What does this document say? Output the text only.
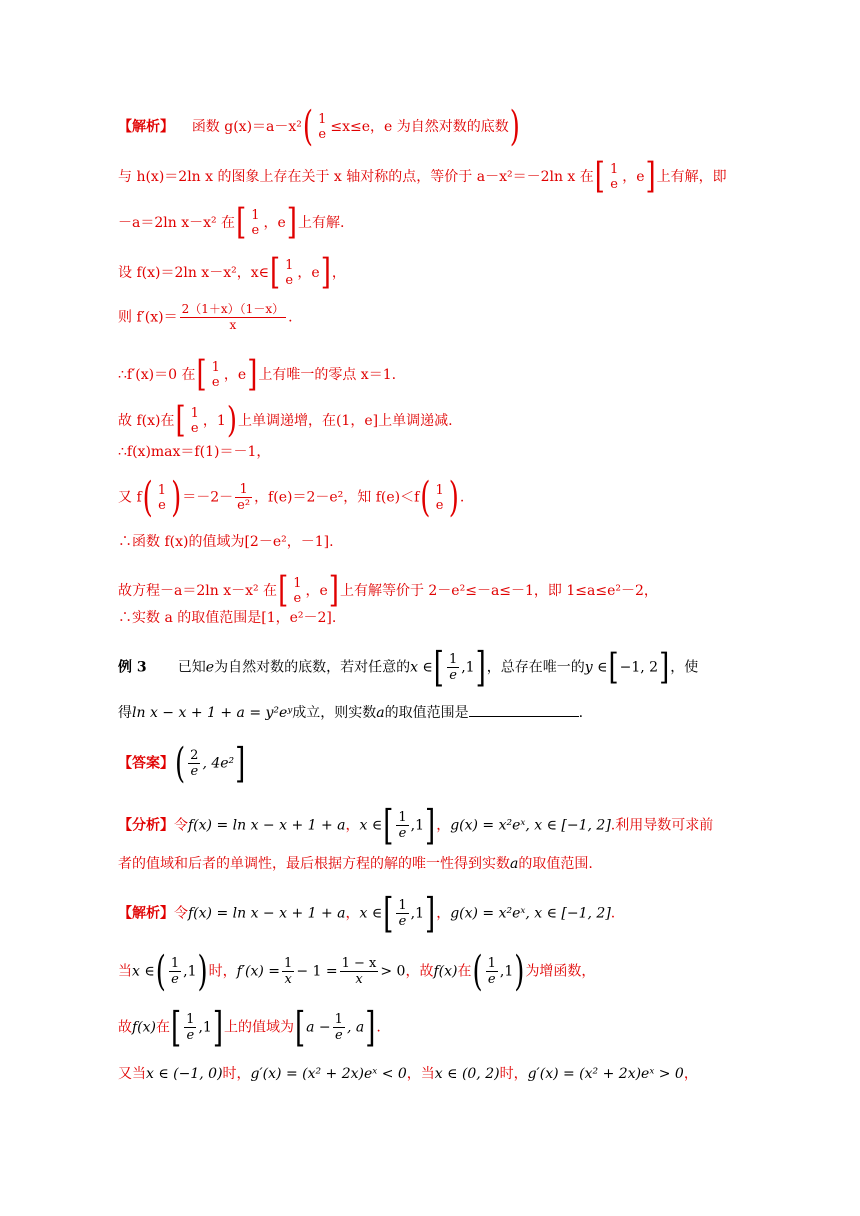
【解析】 函数 g(x)＝a－x²( 1
e ≤x≤e，e 为自然对数的底数)
与 h(x)＝2ln x 的图象上存在关于 x 轴对称的点，等价于 a－x²＝－2ln x 在[ 1
e ，e]上有解，即
－a＝2ln x－x² 在[ 1
e ，e]上有解.
设 f(x)＝2ln x－x²，x∈[ 1
e ，e]，
则 $f'(x)= \frac{2(1+x)(1-x)}{x}$ .
∴f′(x)＝0 在[ 1
e ，e]上有唯一的零点 x＝1.
故 f(x)在[ 1
e ，1)上单调递增，在(1，e]上单调递减.
∴f(x)max＝f(1)＝－1，
又 f( 1
e )$=-2- \frac{1}{\text{e²}}$ ，f(e)＝2－e²，知 f(e)＜f( 1
e ).
∴函数 f(x)的值域为[2－e²，－1].
故方程－a＝2ln x－x² 在[ 1
e ，e]上有解等价于 2－e²≤－a≤－1，即 1≤a≤e²－2，
∴实数 a 的取值范围是[1，e²－2].
例 3 已知e为自然对数的底数，若对任意的x ∈[ $\frac{1}{e} ,1$]，总存在唯一的y ∈[−1, 2]，使
得ln x − x + 1 + a = y²eʸ成立，则实数a的取值范围是	.
【答案】( $\frac{2}{e}$ , 4e²]
【分析】令f(x) = ln x − x + 1 + a，x ∈[ $\frac{1}{e} ,1$]，g(x) = x²eˣ, x ∈ [−1, 2].利用导数可求前
者的值域和后者的单调性，最后根据方程的解的唯一性得到实数a的取值范围.
【解析】令f(x) = ln x − x + 1 + a，x ∈[ $\frac{1}{e} ,1$]，g(x) = x²eˣ, x ∈ [−1, 2].
当x ∈( $\frac{1}{e} ,1$)时，$f'(x) = \frac{1}{x} - 1 = \frac{1 - x}{x} > 0$，故f(x)在( $\frac{1}{e} ,1$)为增函数，
故f(x)在[ $\frac{1}{e} ,1$]上的值域为[$a - \frac{1}{e}$ , a].
又当x ∈ (−1, 0)时，g′(x) = (x² + 2x)eˣ < 0，当x ∈ (0, 2)时，g′(x) = (x² + 2x)eˣ > 0，
